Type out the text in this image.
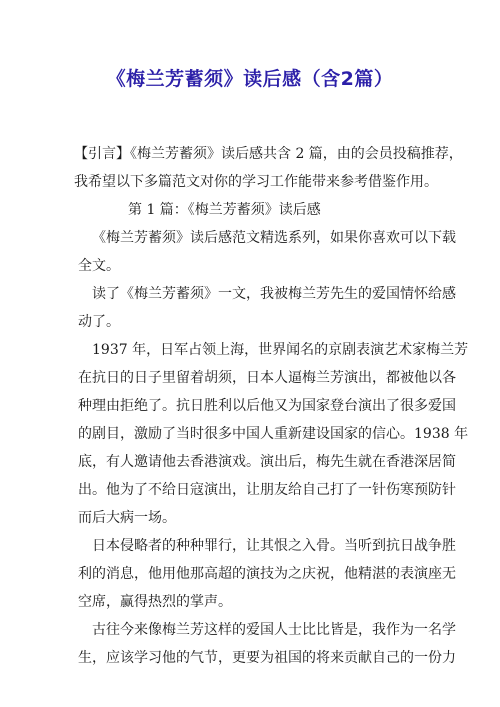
《梅兰芳蓄须》读后感（含2篇）
【引言】《梅兰芳蓄须》读后感共含 2 篇，由的会员投稿推荐，
我希望以下多篇范文对你的学习工作能带来参考借鉴作用。
第 1 篇：《梅兰芳蓄须》读后感
《梅兰芳蓄须》读后感范文精选系列，如果你喜欢可以下载
全文。
读了《梅兰芳蓄须》一文，我被梅兰芳先生的爱国情怀给感
动了。
1937 年，日军占领上海，世界闻名的京剧表演艺术家梅兰芳
在抗日的日子里留着胡须，日本人逼梅兰芳演出，都被他以各
种理由拒绝了。抗日胜利以后他又为国家登台演出了很多爱国
的剧目，激励了当时很多中国人重新建设国家的信心。1938 年
底，有人邀请他去香港演戏。演出后，梅先生就在香港深居简
出。他为了不给日寇演出，让朋友给自己打了一针伤寒预防针
而后大病一场。
日本侵略者的种种罪行，让其恨之入骨。当听到抗日战争胜
利的消息，他用他那高超的演技为之庆祝，他精湛的表演座无
空席，赢得热烈的掌声。
古往今来像梅兰芳这样的爱国人士比比皆是，我作为一名学
生，应该学习他的气节，更要为祖国的将来贡献自己的一份力
